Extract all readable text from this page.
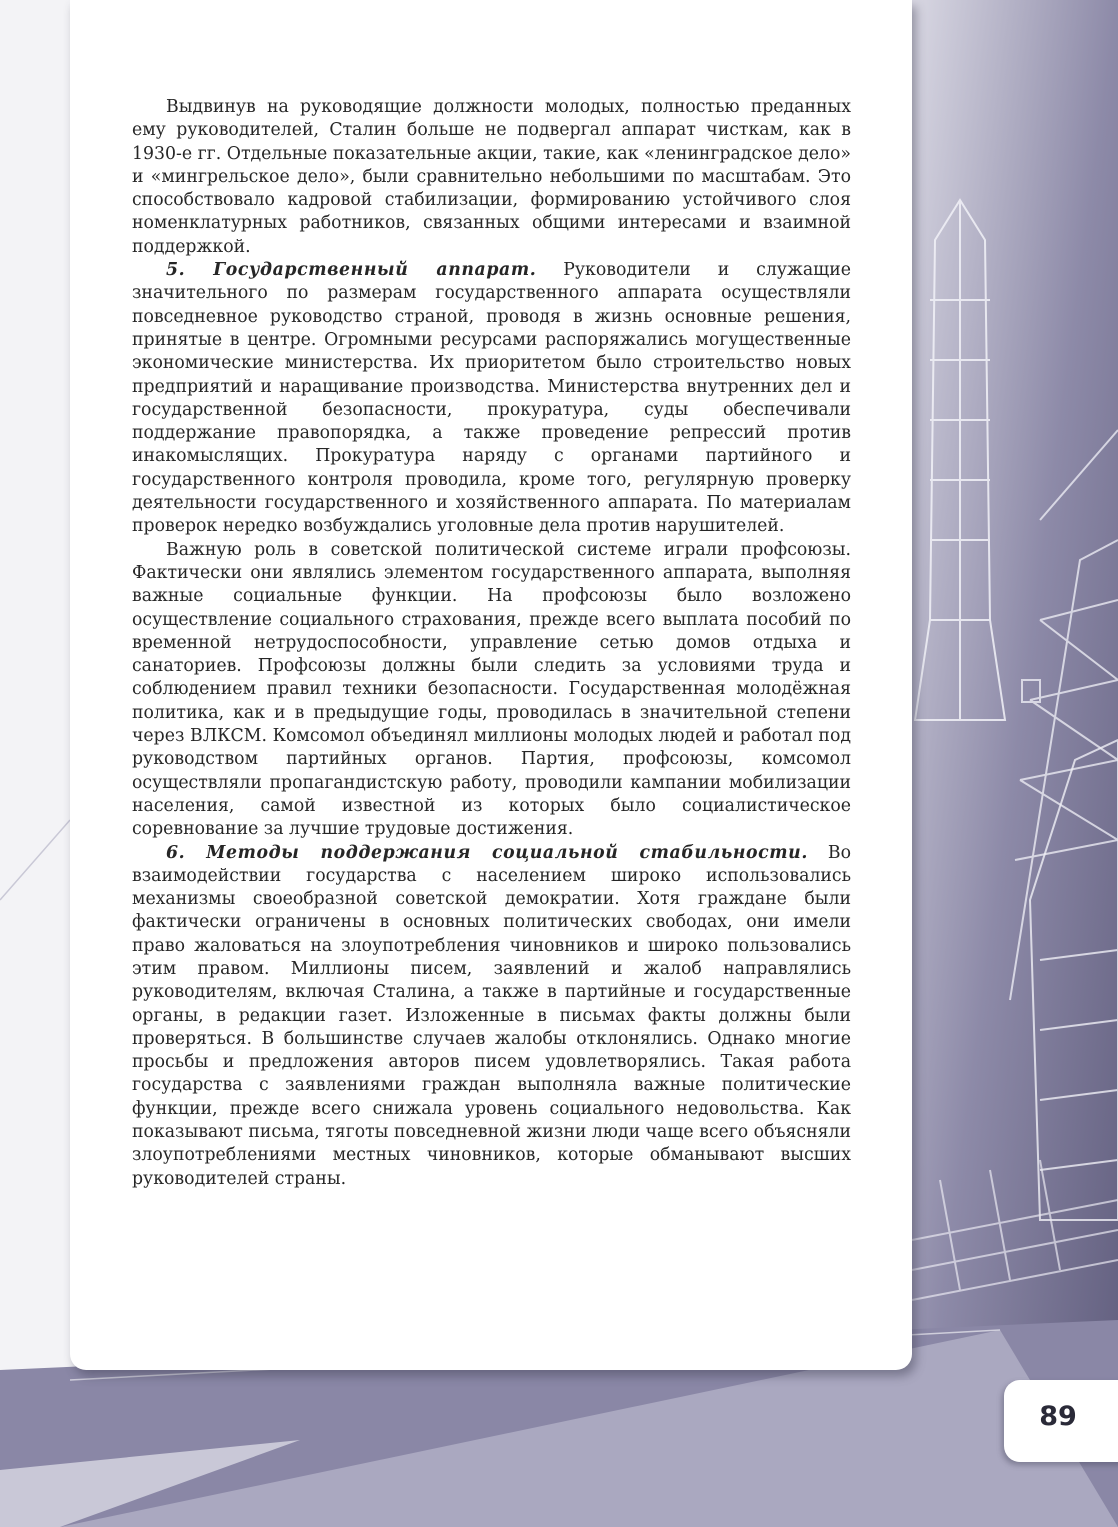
Выдвинув на руководящие должности молодых, полностью преданных ему руководителей, Сталин больше не подвергал аппарат чисткам, как в 1930-е гг. Отдельные показательные акции, такие, как «ленинградское дело» и «мингрельское дело», были сравнительно небольшими по масштабам. Это способствовало кадровой стабилизации, формированию устойчивого слоя номенклатурных работников, связанных общими интересами и взаимной поддержкой.

5. Государственный аппарат. Руководители и служащие значительного по размерам государственного аппарата осуществляли повседневное руководство страной, проводя в жизнь основные решения, принятые в центре. Огромными ресурсами распоряжались могущественные экономические министерства. Их приоритетом было строительство новых предприятий и наращивание производства. Министерства внутренних дел и государственной безопасности, прокуратура, суды обеспечивали поддержание правопорядка, а также проведение репрессий против инакомыслящих. Прокуратура наряду с органами партийного и государственного контроля проводила, кроме того, регулярную проверку деятельности государственного и хозяйственного аппарата. По материалам проверок нередко возбуждались уголовные дела против нарушителей.

Важную роль в советской политической системе играли профсоюзы. Фактически они являлись элементом государственного аппарата, выполняя важные социальные функции. На профсоюзы было возложено осуществление социального страхования, прежде всего выплата пособий по временной нетрудоспособности, управление сетью домов отдыха и санаториев. Профсоюзы должны были следить за условиями труда и соблюдением правил техники безопасности. Государственная молодёжная политика, как и в предыдущие годы, проводилась в значительной степени через ВЛКСМ. Комсомол объединял миллионы молодых людей и работал под руководством партийных органов. Партия, профсоюзы, комсомол осуществляли пропагандистскую работу, проводили кампании мобилизации населения, самой известной из которых было социалистическое соревнование за лучшие трудовые достижения.

6. Методы поддержания социальной стабильности. Во взаимодействии государства с населением широко использовались механизмы своеобразной советской демократии. Хотя граждане были фактически ограничены в основных политических свободах, они имели право жаловаться на злоупотребления чиновников и широко пользовались этим правом. Миллионы писем, заявлений и жалоб направлялись руководителям, включая Сталина, а также в партийные и государственные органы, в редакции газет. Изложенные в письмах факты должны были проверяться. В большинстве случаев жалобы отклонялись. Однако многие просьбы и предложения авторов писем удовлетворялись. Такая работа государства с заявлениями граждан выполняла важные политические функции, прежде всего снижала уровень социального недовольства. Как показывают письма, тяготы повседневной жизни люди чаще всего объясняли злоупотреблениями местных чиновников, которые обманывают высших руководителей страны.

89
